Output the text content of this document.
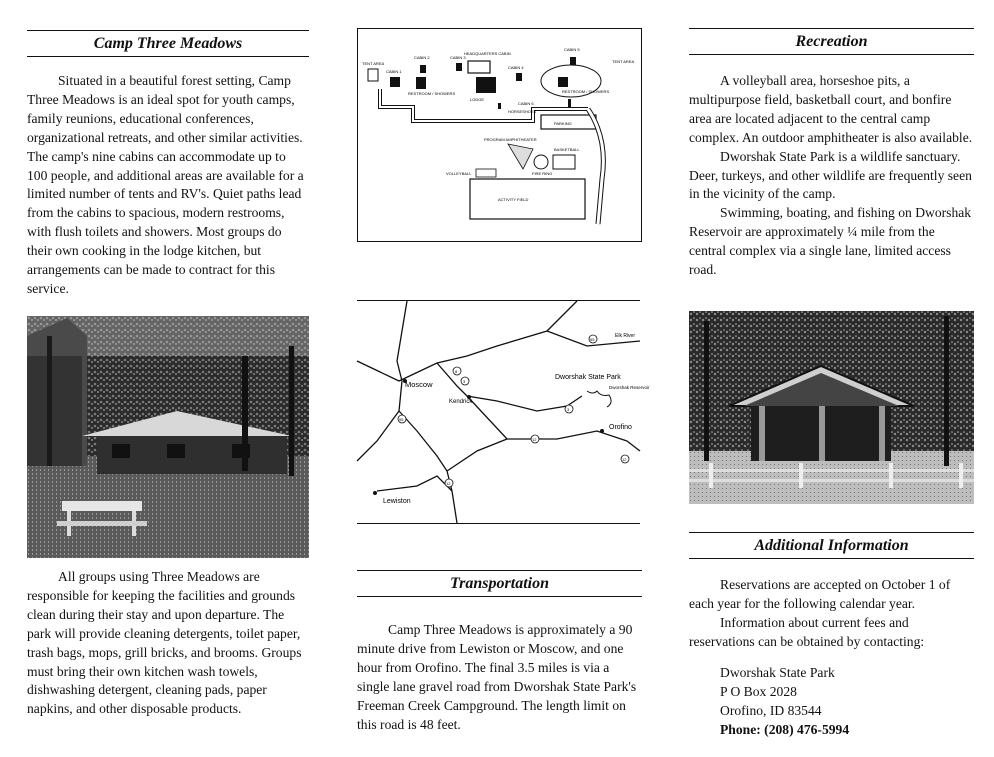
Camp Three Meadows

Situated in a beautiful forest setting, Camp Three Meadows is an ideal spot for youth camps, family reunions, educational conferences, organizational retreats, and other similar activities. The camp's nine cabins can accommodate up to 100 people, and additional areas are available for a limited number of tents and RV's. Quiet paths lead from the cabins to spacious, modern restrooms, with flush toilets and showers. Most groups do their own cooking in the lodge kitchen, but arrangements can be made to contract for this service.

All groups using Three Meadows are responsible for keeping the facilities and grounds clean during their stay and upon departure. The park will provide cleaning detergents, toilet paper, trash bags, mops, grill bricks, and brooms. Groups must bring their own kitchen wash towels, dishwashing detergent, cleaning pads, paper napkins, and other disposable products.

TENT AREA
CABIN 1
CABIN 2	CABIN 3
RESTROOM / SHOWERS
HEADQUARTERS CABIN
LODGE
CABIN 4
CABIN 5
RESTROOM / SHOWERS
TENT AREA
CABIN 6
HORSESHOES
PARKING
PROGRAM AMPHITHEATER
FIRE RING
BASKETBALL
VOLLEYBALL
ACTIVITY FIELD
Moscow
Kendrick
Lewiston
Dworshak State Park
Dworshak Reservoir
Orofino
Elk River
8
3
95
12
3
12
12
95
Transportation

Camp Three Meadows is approximately a 90 minute drive from Lewiston or Moscow, and one hour from Orofino. The final 3.5 miles is via a single lane gravel road from Dworshak State Park's Freeman Creek Campground. The length limit on this road is 48 feet.

Recreation

A volleyball area, horseshoe pits, a multipurpose field, basketball court, and bonfire area are located adjacent to the central camp complex. An outdoor amphitheater is also available.

Dworshak State Park is a wildlife sanctuary. Deer, turkeys, and other wildlife are frequently seen in the vicinity of the camp.

Swimming, boating, and fishing on Dworshak Reservoir are approximately ¼ mile from the central complex via a single lane, limited access road.

Additional Information

Reservations are accepted on October 1 of each year for the following calendar year.

Information about current fees and reservations can be obtained by contacting:

Dworshak State Park
P O Box 2028
Orofino, ID 83544
Phone: (208) 476-5994
